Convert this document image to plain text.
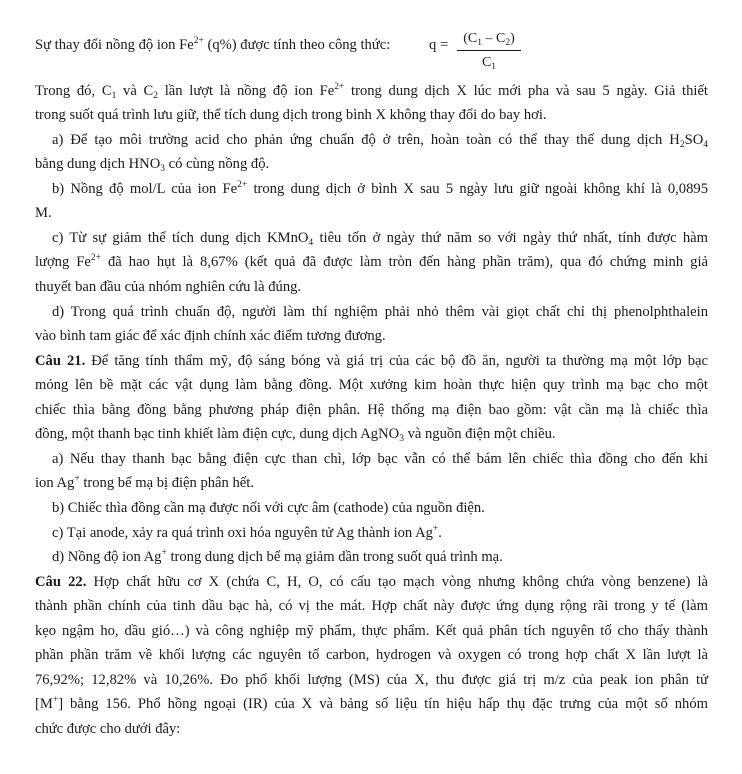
Sự thay đổi nồng độ ion $Fe^{2+}$ (q%) được tính theo công thức:	q =	$(C_1 - C_2)$
$C_1$
Trong đó, $C_1$ và $C_2$ lần lượt là nồng độ ion $Fe^{2+}$ trong dung dịch X lúc mới pha và sau 5 ngày. Giả thiết
trong suốt quá trình lưu giữ, thể tích dung dịch trong bình X không thay đổi do bay hơi.
a) Để tạo môi trường acid cho phản ứng chuẩn độ ở trên, hoàn toàn có thể thay thế dung dịch $H_2SO_4$
bằng dung dịch $HNO_3$ có cùng nồng độ.
b) Nồng độ mol/L của ion $Fe^{2+}$ trong dung dịch ở bình X sau 5 ngày lưu giữ ngoài không khí là 0,0895
M.
c) Từ sự giảm thể tích dung dịch KMnO$_4$ tiêu tốn ở ngày thứ năm so với ngày thứ nhất, tính được hàm
lượng $Fe^{2+}$ đã hao hụt là 8,67% (kết quả đã được làm tròn đến hàng phần trăm), qua đó chứng minh giả
thuyết ban đầu của nhóm nghiên cứu là đúng.
d) Trong quá trình chuẩn độ, người làm thí nghiệm phải nhỏ thêm vài giọt chất chỉ thị phenolphthalein
vào bình tam giác để xác định chính xác điểm tương đương.
Câu 21. Để tăng tính thẩm mỹ, độ sáng bóng và giá trị của các bộ đồ ăn, người ta thường mạ một lớp bạc
mỏng lên bề mặt các vật dụng làm bằng đồng. Một xưởng kim hoàn thực hiện quy trình mạ bạc cho một
chiếc thìa bằng đồng bằng phương pháp điện phân. Hệ thống mạ điện bao gồm: vật cần mạ là chiếc thìa
đồng, một thanh bạc tinh khiết làm điện cực, dung dịch AgNO$_3$ và nguồn điện một chiều.
a) Nếu thay thanh bạc bằng điện cực than chì, lớp bạc vẫn có thể bám lên chiếc thìa đồng cho đến khi
ion Ag+ trong bể mạ bị điện phân hết.
b) Chiếc thìa đồng cần mạ được nối với cực âm (cathode) của nguồn điện.
c) Tại anode, xảy ra quá trình oxi hóa nguyên tử Ag thành ion Ag+.
d) Nồng độ ion Ag+ trong dung dịch bể mạ giảm dần trong suốt quá trình mạ.
Câu 22. Hợp chất hữu cơ X (chứa C, H, O, có cấu tạo mạch vòng nhưng không chứa vòng benzene) là
thành phần chính của tinh dầu bạc hà, có vị the mát. Hợp chất này được ứng dụng rộng rãi trong y tế (làm
kẹo ngậm ho, dầu gió…) và công nghiệp mỹ phẩm, thực phẩm. Kết quả phân tích nguyên tố cho thấy thành
phần phần trăm về khối lượng các nguyên tố carbon, hydrogen và oxygen có trong hợp chất X lần lượt là
76,92%; 12,82% và 10,26%. Đo phổ khối lượng (MS) của X, thu được giá trị m/z của peak ion phân tử
[M+] bằng 156. Phổ hồng ngoại (IR) của X và bảng số liệu tín hiệu hấp thụ đặc trưng của một số nhóm
chức được cho dưới đây:
